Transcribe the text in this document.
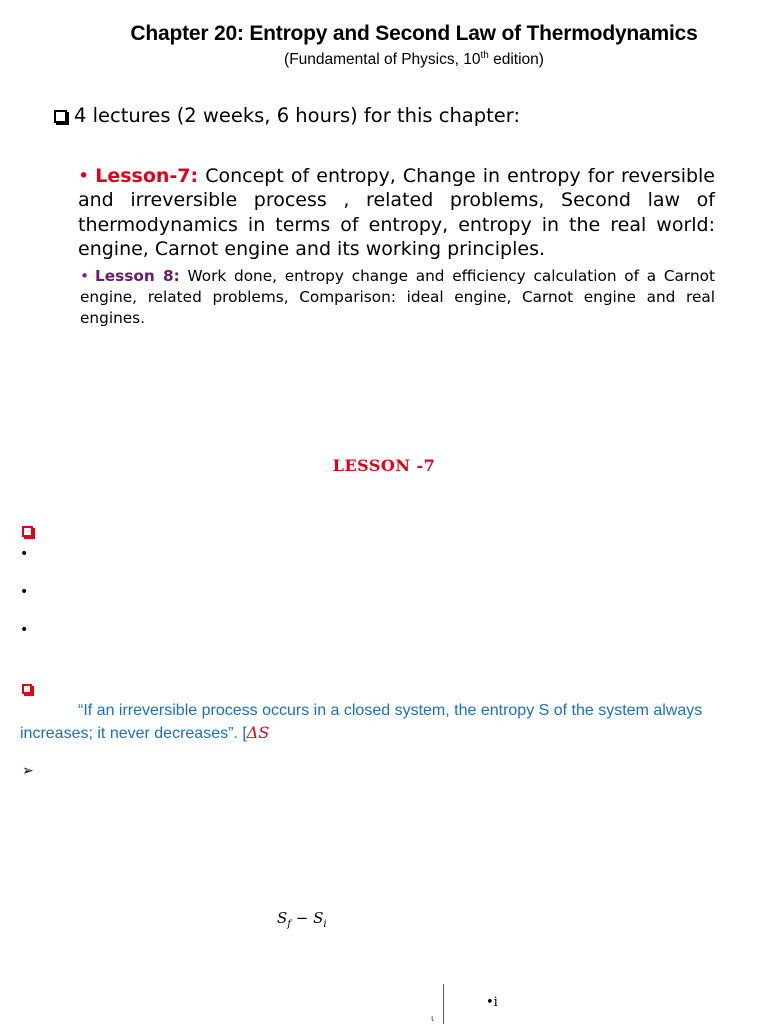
Chapter 20: Entropy and Second Law of Thermodynamics
(Fundamental of Physics, 10th edition)
4 lectures (2 weeks, 6 hours) for this chapter:
• Lesson-7: Concept of entropy, Change in entropy for reversible and irreversible process , related problems, Second law of thermodynamics in terms of entropy, entropy in the real world: engine, Carnot engine and its working principles.
• Lesson 8: Work done, entropy change and efficiency calculation of a Carnot engine, related problems, Comparison: ideal engine, Carnot engine and real engines.
LESSON -7
•
•
•
“If an irreversible process occurs in a closed system, the entropy S of the system always
increases; it never decreases”. [ΔS
➢
$S_f - S_i$
•i
ι
